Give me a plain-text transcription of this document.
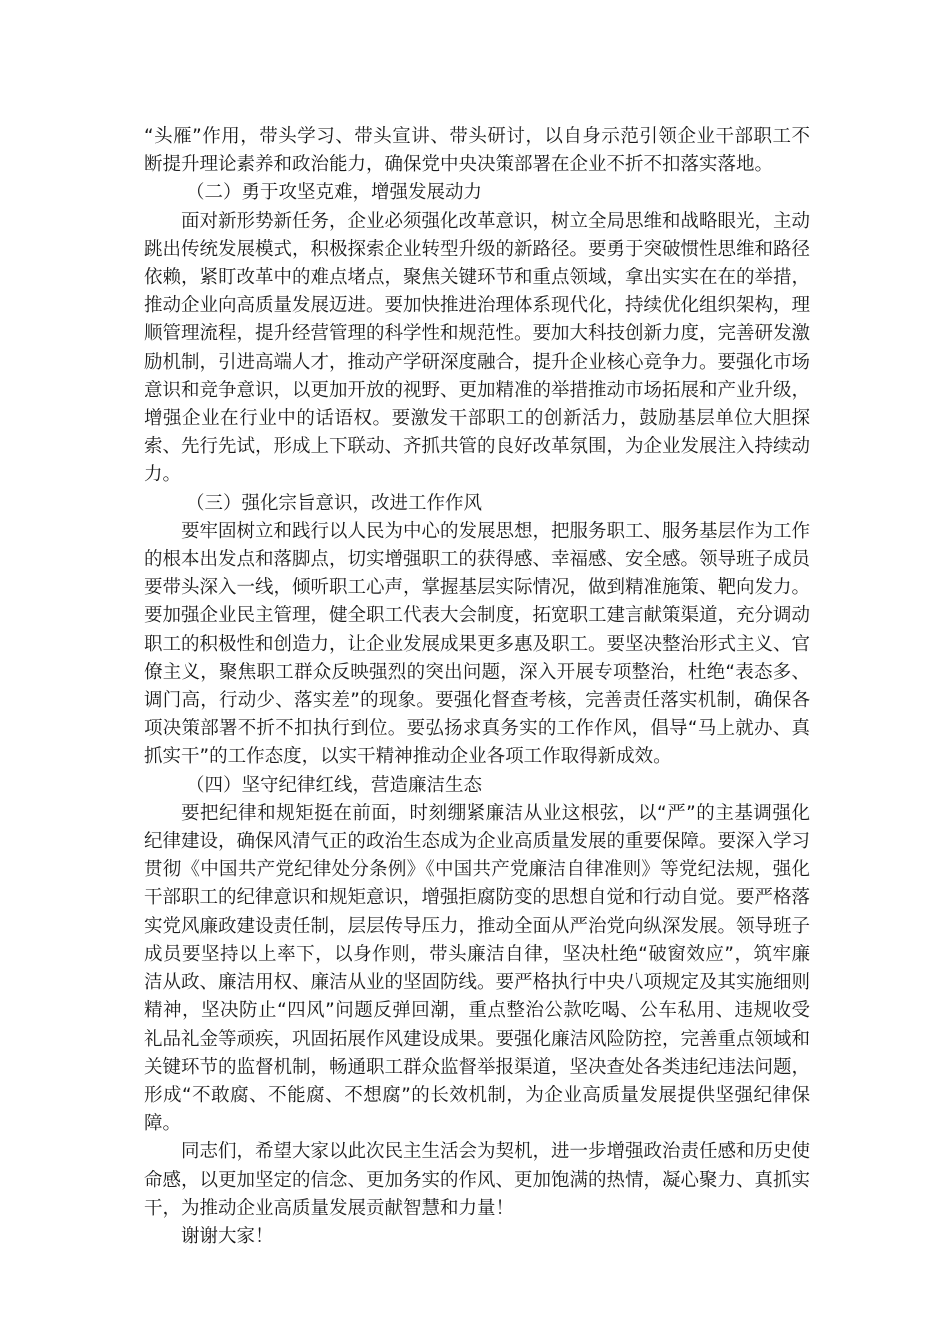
“头雁”作用，带头学习、带头宣讲、带头研讨，以自身示范引领企业干部职工不断提升理论素养和政治能力，确保党中央决策部署在企业不折不扣落实落地。

（二）勇于攻坚克难，增强发展动力

面对新形势新任务，企业必须强化改革意识，树立全局思维和战略眼光，主动跳出传统发展模式，积极探索企业转型升级的新路径。要勇于突破惯性思维和路径依赖，紧盯改革中的难点堵点，聚焦关键环节和重点领域，拿出实实在在的举措，推动企业向高质量发展迈进。要加快推进治理体系现代化，持续优化组织架构，理顺管理流程，提升经营管理的科学性和规范性。要加大科技创新力度，完善研发激励机制，引进高端人才，推动产学研深度融合，提升企业核心竞争力。要强化市场意识和竞争意识，以更加开放的视野、更加精准的举措推动市场拓展和产业升级，增强企业在行业中的话语权。要激发干部职工的创新活力，鼓励基层单位大胆探索、先行先试，形成上下联动、齐抓共管的良好改革氛围，为企业发展注入持续动力。

（三）强化宗旨意识，改进工作作风

要牢固树立和践行以人民为中心的发展思想，把服务职工、服务基层作为工作的根本出发点和落脚点，切实增强职工的获得感、幸福感、安全感。领导班子成员要带头深入一线，倾听职工心声，掌握基层实际情况，做到精准施策、靶向发力。要加强企业民主管理，健全职工代表大会制度，拓宽职工建言献策渠道，充分调动职工的积极性和创造力，让企业发展成果更多惠及职工。要坚决整治形式主义、官僚主义，聚焦职工群众反映强烈的突出问题，深入开展专项整治，杜绝“表态多、调门高，行动少、落实差”的现象。要强化督查考核，完善责任落实机制，确保各项决策部署不折不扣执行到位。要弘扬求真务实的工作作风，倡导“马上就办、真抓实干”的工作态度，以实干精神推动企业各项工作取得新成效。

（四）坚守纪律红线，营造廉洁生态

要把纪律和规矩挺在前面，时刻绷紧廉洁从业这根弦，以“严”的主基调强化纪律建设，确保风清气正的政治生态成为企业高质量发展的重要保障。要深入学习贯彻《中国共产党纪律处分条例》《中国共产党廉洁自律准则》等党纪法规，强化干部职工的纪律意识和规矩意识，增强拒腐防变的思想自觉和行动自觉。要严格落实党风廉政建设责任制，层层传导压力，推动全面从严治党向纵深发展。领导班子成员要坚持以上率下，以身作则，带头廉洁自律，坚决杜绝“破窗效应”，筑牢廉洁从政、廉洁用权、廉洁从业的坚固防线。要严格执行中央八项规定及其实施细则精神，坚决防止“四风”问题反弹回潮，重点整治公款吃喝、公车私用、违规收受礼品礼金等顽疾，巩固拓展作风建设成果。要强化廉洁风险防控，完善重点领域和关键环节的监督机制，畅通职工群众监督举报渠道，坚决查处各类违纪违法问题，形成“不敢腐、不能腐、不想腐”的长效机制，为企业高质量发展提供坚强纪律保障。

同志们，希望大家以此次民主生活会为契机，进一步增强政治责任感和历史使命感，以更加坚定的信念、更加务实的作风、更加饱满的热情，凝心聚力、真抓实干，为推动企业高质量发展贡献智慧和力量！

谢谢大家！
